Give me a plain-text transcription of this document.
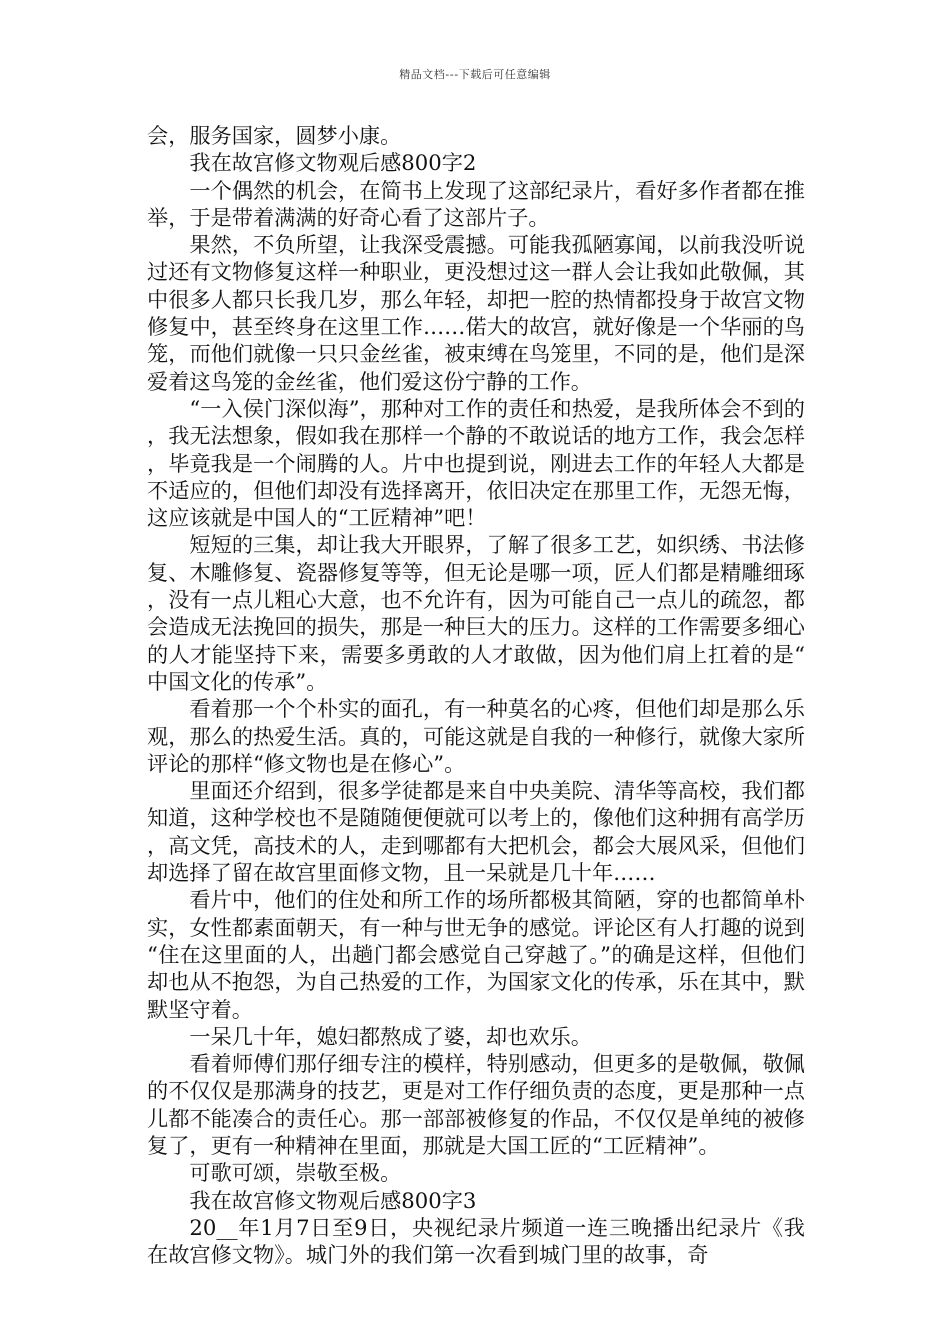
精品文档---下载后可任意编辑

会，服务国家，圆梦小康。

我在故宫修文物观后感800字2

一个偶然的机会，在简书上发现了这部纪录片，看好多作者都在推举，于是带着满满的好奇心看了这部片子。

果然，不负所望，让我深受震撼。可能我孤陋寡闻，以前我没听说过还有文物修复这样一种职业，更没想过这一群人会让我如此敬佩，其中很多人都只长我几岁，那么年轻，却把一腔的热情都投身于故宫文物修复中，甚至终身在这里工作……偌大的故宫，就好像是一个华丽的鸟笼，而他们就像一只只金丝雀，被束缚在鸟笼里，不同的是，他们是深爱着这鸟笼的金丝雀，他们爱这份宁静的工作。

“一入侯门深似海”，那种对工作的责任和热爱，是我所体会不到的，我无法想象，假如我在那样一个静的不敢说话的地方工作，我会怎样，毕竟我是一个闹腾的人。片中也提到说，刚进去工作的年轻人大都是不适应的，但他们却没有选择离开，依旧决定在那里工作，无怨无悔，这应该就是中国人的“工匠精神”吧！

短短的三集，却让我大开眼界，了解了很多工艺，如织绣、书法修复、木雕修复、瓷器修复等等，但无论是哪一项，匠人们都是精雕细琢，没有一点儿粗心大意，也不允许有，因为可能自己一点儿的疏忽，都会造成无法挽回的损失，那是一种巨大的压力。这样的工作需要多细心的人才能坚持下来，需要多勇敢的人才敢做，因为他们肩上扛着的是“中国文化的传承”。

看着那一个个朴实的面孔，有一种莫名的心疼，但他们却是那么乐观，那么的热爱生活。真的，可能这就是自我的一种修行，就像大家所评论的那样“修文物也是在修心”。

里面还介绍到，很多学徒都是来自中央美院、清华等高校，我们都知道，这种学校也不是随随便便就可以考上的，像他们这种拥有高学历，高文凭，高技术的人，走到哪都有大把机会，都会大展风采，但他们却选择了留在故宫里面修文物，且一呆就是几十年……

看片中，他们的住处和所工作的场所都极其简陋，穿的也都简单朴实，女性都素面朝天，有一种与世无争的感觉。评论区有人打趣的说到“住在这里面的人，出趟门都会感觉自己穿越了。”的确是这样，但他们却也从不抱怨，为自己热爱的工作，为国家文化的传承，乐在其中，默默坚守着。

一呆几十年，媳妇都熬成了婆，却也欢乐。

看着师傅们那仔细专注的模样，特别感动，但更多的是敬佩，敬佩的不仅仅是那满身的技艺，更是对工作仔细负责的态度，更是那种一点儿都不能凑合的责任心。那一部部被修复的作品，不仅仅是单纯的被修复了，更有一种精神在里面，那就是大国工匠的“工匠精神”。

可歌可颂，崇敬至极。

我在故宫修文物观后感800字3

20__年1月7日至9日，央视纪录片频道一连三晚播出纪录片《我在故宫修文物》。城门外的我们第一次看到城门里的故事，奇
